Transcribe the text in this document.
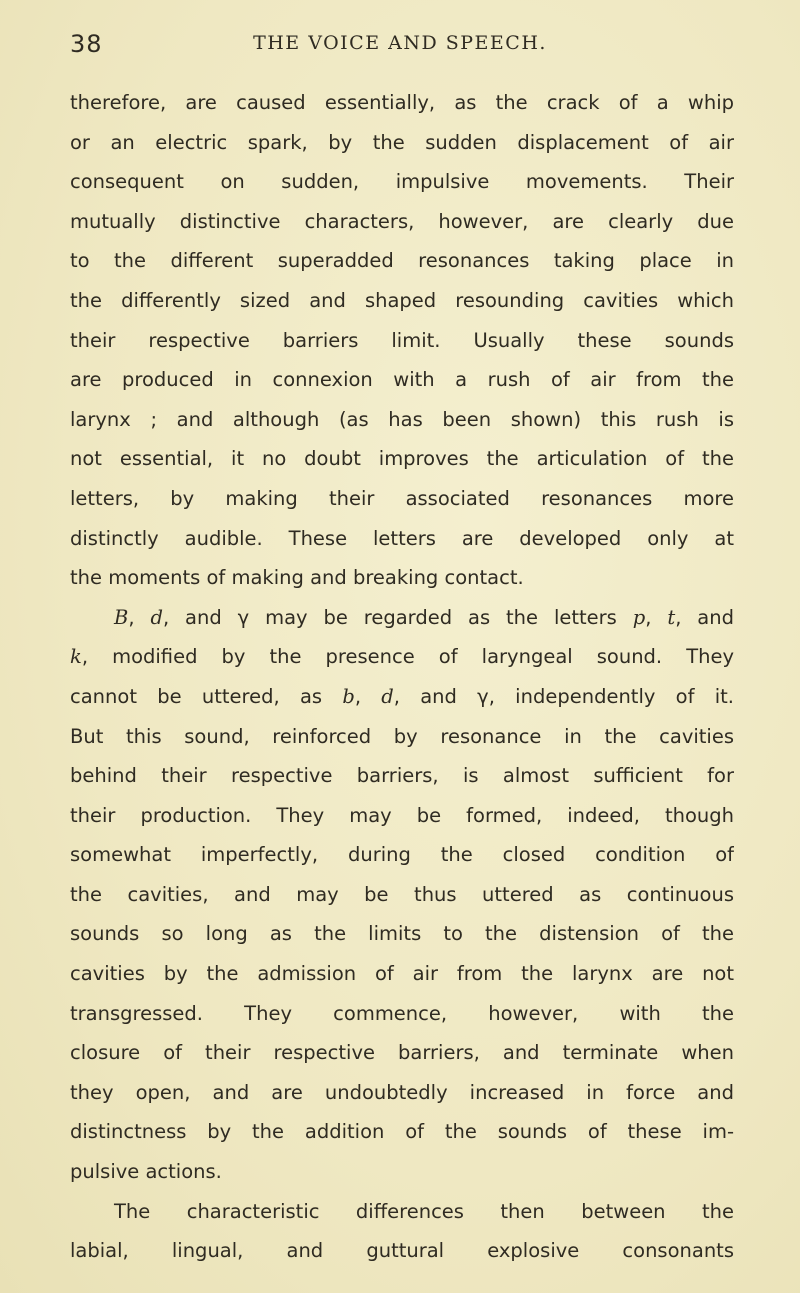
38	THE VOICE AND SPEECH.
therefore, are caused essentially, as the crack of a whip
or an electric spark, by the sudden displacement of air
consequent on sudden, impulsive movements. Their
mutually distinctive characters, however, are clearly due
to the different superadded resonances taking place in
the differently sized and shaped resounding cavities which
their respective barriers limit. Usually these sounds
are produced in connexion with a rush of air from the
larynx ; and although (as has been shown) this rush is
not essential, it no doubt improves the articulation of the
letters, by making their associated resonances more
distinctly audible. These letters are developed only at
the moments of making and breaking contact.
B, d, and γ may be regarded as the letters p, t, and
k, modified by the presence of laryngeal sound. They
cannot be uttered, as b, d, and γ, independently of it.
But this sound, reinforced by resonance in the cavities
behind their respective barriers, is almost sufficient for
their production. They may be formed, indeed, though
somewhat imperfectly, during the closed condition of
the cavities, and may be thus uttered as continuous
sounds so long as the limits to the distension of the
cavities by the admission of air from the larynx are not
transgressed. They commence, however, with the
closure of their respective barriers, and terminate when
they open, and are undoubtedly increased in force and
distinctness by the addition of the sounds of these im-
pulsive actions.
The characteristic differences then between the
labial, lingual, and guttural explosive consonants
